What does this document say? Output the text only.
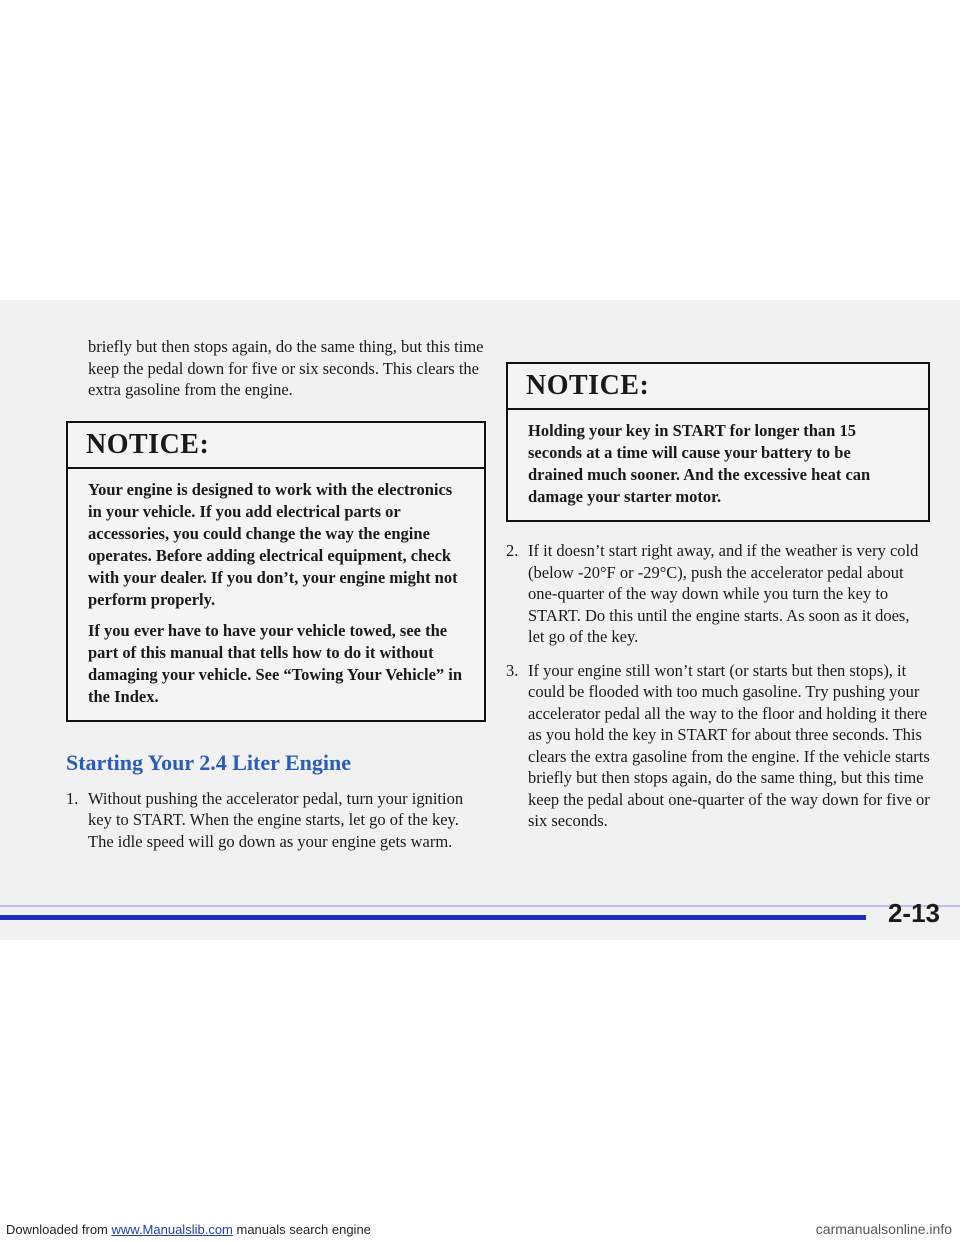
briefly but then stops again, do the same thing, but this time keep the pedal down for five or six seconds. This clears the extra gasoline from the engine.

NOTICE:

Your engine is designed to work with the electronics in your vehicle. If you add electrical parts or accessories, you could change the way the engine operates. Before adding electrical equipment, check with your dealer. If you don’t, your engine might not perform properly.

If you ever have to have your vehicle towed, see the part of this manual that tells how to do it without damaging your vehicle. See “Towing Your Vehicle” in the Index.

Starting Your 2.4 Liter Engine
1. Without pushing the accelerator pedal, turn your ignition key to START. When the engine starts, let go of the key. The idle speed will go down as your engine gets warm.
NOTICE:

Holding your key in START for longer than 15 seconds at a time will cause your battery to be drained much sooner. And the excessive heat can damage your starter motor.

2. If it doesn’t start right away, and if the weather is very cold (below -20°F or -29°C), push the accelerator pedal about one-quarter of the way down while you turn the key to START. Do this until the engine starts. As soon as it does, let go of the key.
3. If your engine still won’t start (or starts but then stops), it could be flooded with too much gasoline. Try pushing your accelerator pedal all the way to the floor and holding it there as you hold the key in START for about three seconds. This clears the extra gasoline from the engine. If the vehicle starts briefly but then stops again, do the same thing, but this time keep the pedal about one-quarter of the way down for five or six seconds.
2-13
Downloaded from www.Manualslib.com manuals search engine	carmanualsonline.info
